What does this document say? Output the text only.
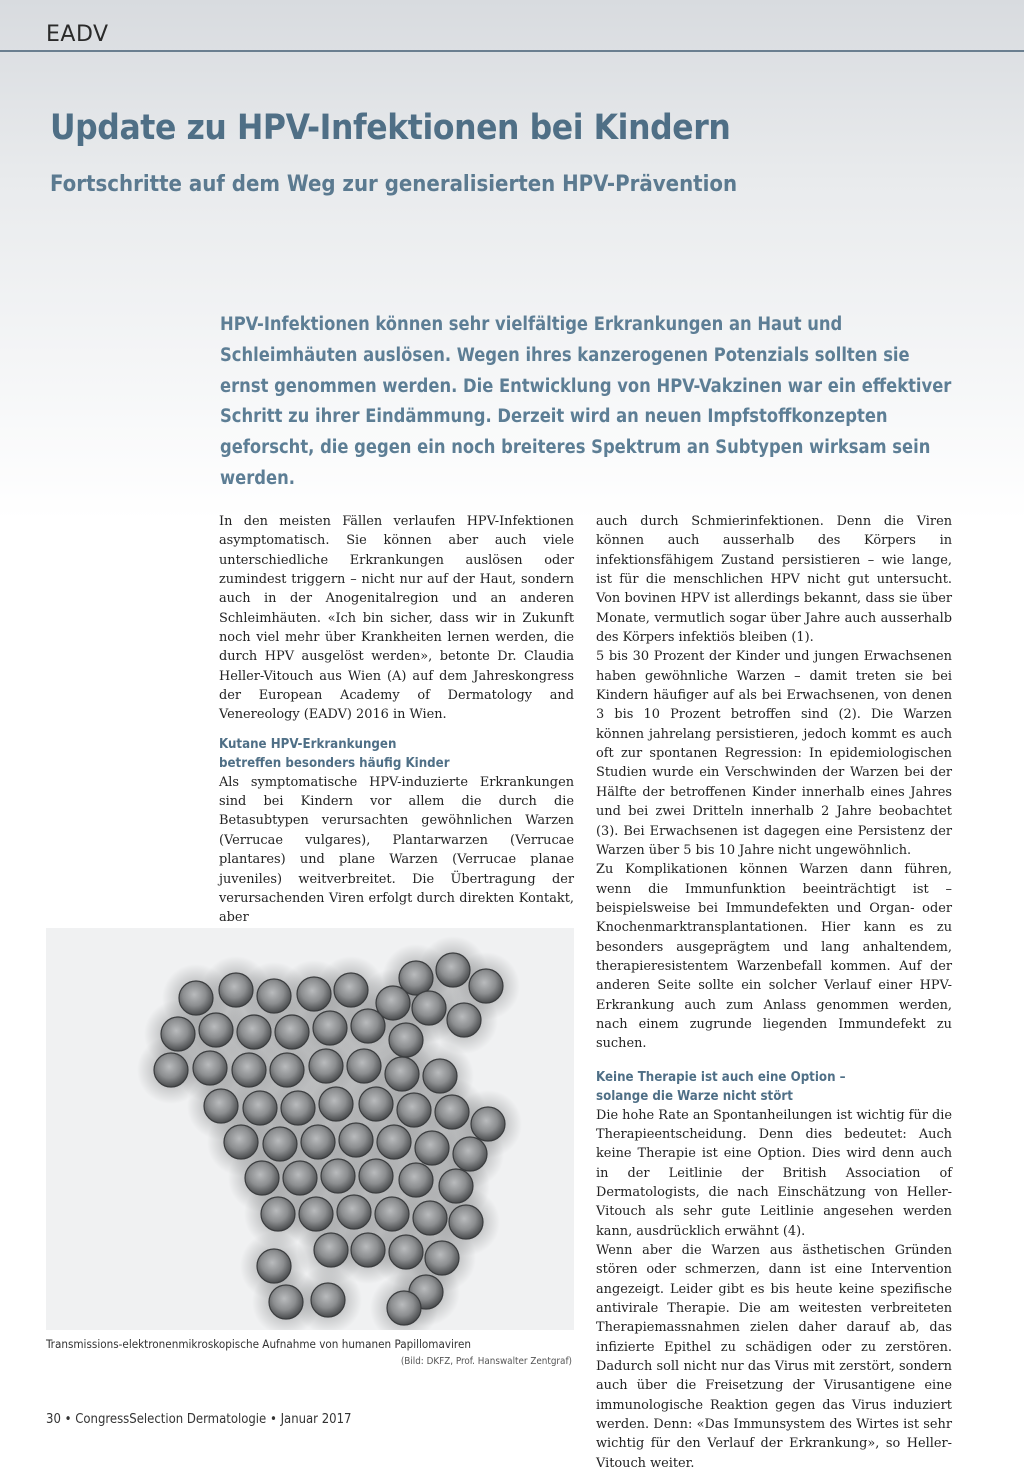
EADV
Update zu HPV-Infektionen bei Kindern
Fortschritte auf dem Weg zur generalisierten HPV-Prävention

HPV-Infektionen können sehr vielfältige Erkrankungen an Haut und Schleimhäuten auslösen. Wegen ihres kanzerogenen Potenzials sollten sie ernst genommen werden. Die Entwicklung von HPV-Vakzinen war ein effektiver Schritt zu ihrer Eindämmung. Derzeit wird an neuen Impfstoffkonzepten geforscht, die gegen ein noch breiteres Spektrum an Subtypen wirksam sein werden.

In den meisten Fällen verlaufen HPV-Infektionen asymptomatisch. Sie können aber auch viele unterschiedliche Erkrankungen auslösen oder zumindest triggern – nicht nur auf der Haut, sondern auch in der Anogenitalregion und an anderen Schleimhäuten. «Ich bin sicher, dass wir in Zukunft noch viel mehr über Krankheiten lernen werden, die durch HPV ausgelöst werden», betonte Dr. Claudia Heller-Vitouch aus Wien (A) auf dem Jahreskongress der European Academy of Dermatology and Venereology (EADV) 2016 in Wien.

Kutane HPV-Erkrankungen
betreffen besonders häufig Kinder

Als symptomatische HPV-induzierte Erkrankungen sind bei Kindern vor allem die durch die Betasubtypen verursachten gewöhnlichen Warzen (Verrucae vulgares), Plantarwarzen (Verrucae plantares) und plane Warzen (Verrucae planae juveniles) weitverbreitet. Die Übertragung der verursachenden Viren erfolgt durch direkten Kontakt, aber

auch durch Schmierinfektionen. Denn die Viren können auch ausserhalb des Körpers in infektionsfähigem Zustand persistieren – wie lange, ist für die menschlichen HPV nicht gut untersucht. Von bovinen HPV ist allerdings bekannt, dass sie über Monate, vermutlich sogar über Jahre auch ausserhalb des Körpers infektiös bleiben (1).

5 bis 30 Prozent der Kinder und jungen Erwachsenen haben gewöhnliche Warzen – damit treten sie bei Kindern häufiger auf als bei Erwachsenen, von denen 3 bis 10 Prozent betroffen sind (2). Die Warzen können jahrelang persistieren, jedoch kommt es auch oft zur spontanen Regression: In epidemiologischen Studien wurde ein Verschwinden der Warzen bei der Hälfte der betroffenen Kinder innerhalb eines Jahres und bei zwei Dritteln innerhalb 2 Jahre beobachtet (3). Bei Erwachsenen ist dagegen eine Persistenz der Warzen über 5 bis 10 Jahre nicht ungewöhnlich.

Zu Komplikationen können Warzen dann führen, wenn die Immunfunktion beeinträchtigt ist – beispielsweise bei Immundefekten und Organ- oder Knochenmarktransplantationen. Hier kann es zu besonders ausgeprägtem und lang anhaltendem, therapieresistentem Warzenbefall kommen. Auf der anderen Seite sollte ein solcher Verlauf einer HPV-Erkrankung auch zum Anlass genommen werden, nach einem zugrunde liegenden Immundefekt zu suchen.

Keine Therapie ist auch eine Option –
solange die Warze nicht stört

Die hohe Rate an Spontanheilungen ist wichtig für die Therapieentscheidung. Denn dies bedeutet: Auch keine Therapie ist eine Option. Dies wird denn auch in der Leitlinie der British Association of Dermatologists, die nach Einschätzung von Heller-Vitouch als sehr gute Leitlinie angesehen werden kann, ausdrücklich erwähnt (4).

Wenn aber die Warzen aus ästhetischen Gründen stören oder schmerzen, dann ist eine Intervention angezeigt. Leider gibt es bis heute keine spezifische antivirale Therapie. Die am weitesten verbreiteten Therapiemassnahmen zielen daher darauf ab, das infizierte Epithel zu schädigen oder zu zerstören. Dadurch soll nicht nur das Virus mit zerstört, sondern auch über die Freisetzung der Virusantigene eine immunologische Reaktion gegen das Virus induziert werden. Denn: «Das Immunsystem des Wirtes ist sehr wichtig für den Verlauf der Erkrankung», so Heller-Vitouch weiter.

Transmissions-elektronenmikroskopische Aufnahme von humanen Papillomaviren
(Bild: DKFZ, Prof. Hanswalter Zentgraf)
30 • CongressSelection Dermatologie • Januar 2017
